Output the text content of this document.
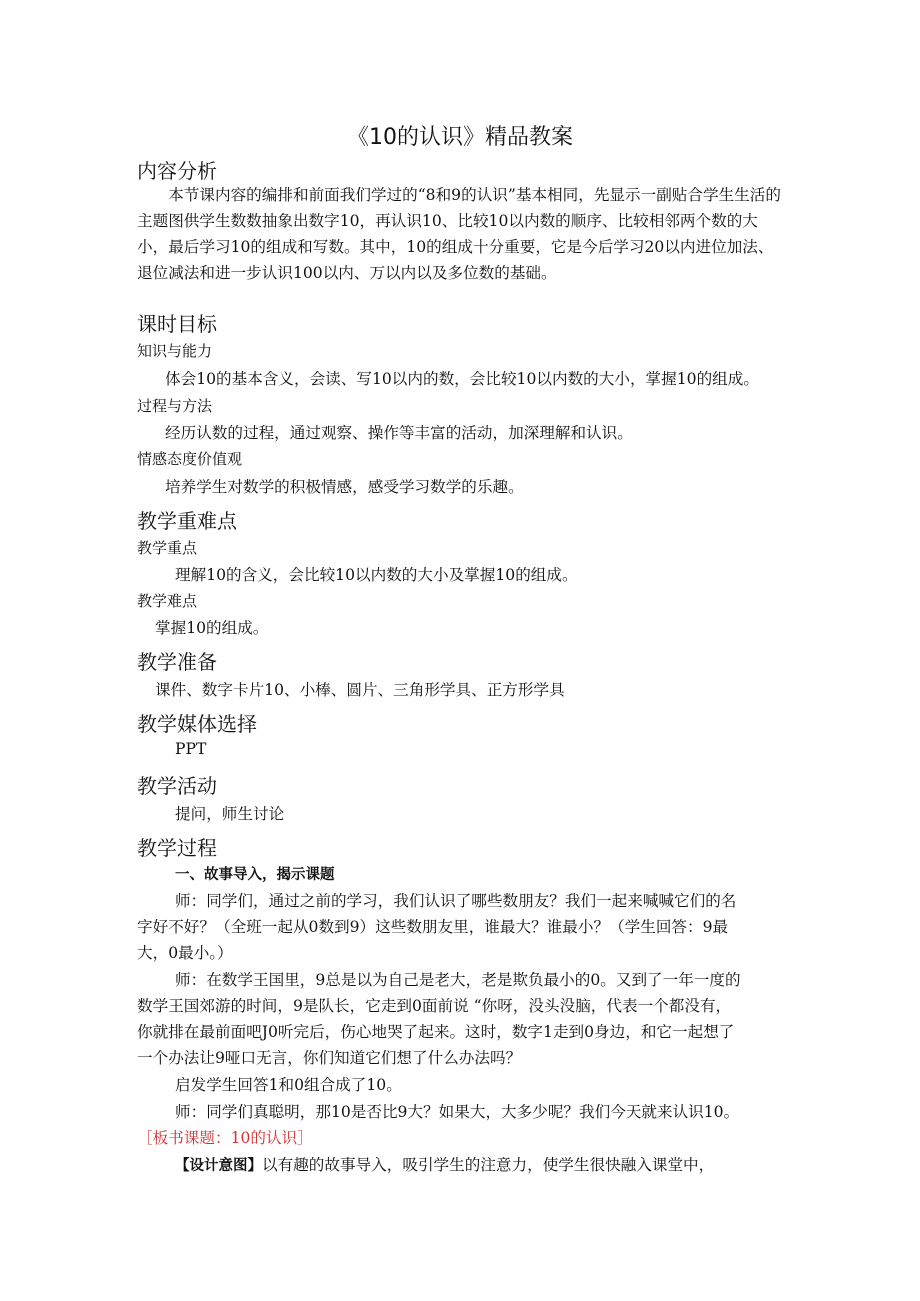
《10的认识》精品教案
内容分析
本节课内容的编排和前面我们学过的“8和9的认识”基本相同，先显示一副贴合学生生活的主题图供学生数数抽象出数字10，再认识10、比较10以内数的顺序、比较相邻两个数的大小，最后学习10的组成和写数。其中，10的组成十分重要，它是今后学习20以内进位加法、退位减法和进一步认识100以内、万以内以及多位数的基础。
课时目标
知识与能力
体会10的基本含义，会读、写10以内的数，会比较10以内数的大小，掌握10的组成。
过程与方法
经历认数的过程，通过观察、操作等丰富的活动，加深理解和认识。
情感态度价值观
培养学生对数学的积极情感，感受学习数学的乐趣。
教学重难点
教学重点
理解10的含义，会比较10以内数的大小及掌握10的组成。
教学难点
掌握10的组成。
教学准备
课件、数字卡片10、小棒、圆片、三角形学具、正方形学具
教学媒体选择
PPT
教学活动
提问，师生讨论
教学过程
一、故事导入，揭示课题
师：同学们，通过之前的学习，我们认识了哪些数朋友？我们一起来喊喊它们的名
字好不好？（全班一起从0数到9）这些数朋友里，谁最大？谁最小？（学生回答：9最
大，0最小。）
师：在数学王国里，9总是以为自己是老大，老是欺负最小的0。又到了一年一度的
数学王国郊游的时间，9是队长，它走到0面前说 “你呀，没头没脑，代表一个都没有，
你就排在最前面吧J0听完后，伤心地哭了起来。这时，数字1走到0身边，和它一起想了
一个办法让9哑口无言，你们知道它们想了什么办法吗？
启发学生回答1和0组合成了10。
师：同学们真聪明，那10是否比9大？如果大，大多少呢？我们今天就来认识10。
［板书课题：10的认识］
【设计意图】以有趣的故事导入，吸引学生的注意力，使学生很快融入课堂中，
